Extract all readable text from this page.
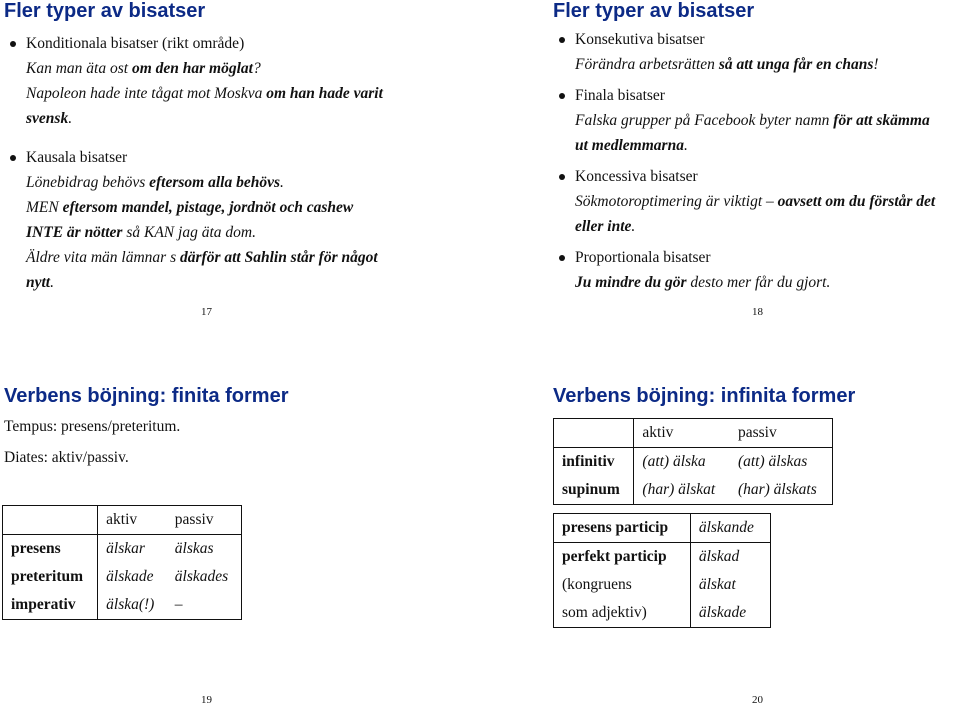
Fler typer av bisatser
Konditionala bisatser (rikt område)
Kan man äta ost om den har möglat?
Napoleon hade inte tågat mot Moskva om han hade varit
svensk.
Kausala bisatser
Lönebidrag behövs eftersom alla behövs.
MEN eftersom mandel, pistage, jordnöt och cashew
INTE är nötter så KAN jag äta dom.
Äldre vita män lämnar s därför att Sahlin står för något
nytt.
17
Fler typer av bisatser
Konsekutiva bisatser
Förändra arbetsrätten så att unga får en chans!
Finala bisatser
Falska grupper på Facebook byter namn för att skämma
ut medlemmarna.
Koncessiva bisatser
Sökmotoroptimering är viktigt – oavsett om du förstår det
eller inte.
Proportionala bisatser
Ju mindre du gör desto mer får du gjort.
18
Verbens böjning: finita former
Tempus: presens/preteritum.
Diates: aktiv/passiv.
	aktiv	passiv
presens	älskar	älskas
preteritum	älskade	älskades
imperativ	älska(!)	–
19
Verbens böjning: infinita former
	aktiv	passiv
infinitiv	(att) älska	(att) älskas
supinum	(har) älskat	(har) älskats
presens particip	älskande
perfekt particip	älskad
(kongruens	älskat
som adjektiv)	älskade
20
